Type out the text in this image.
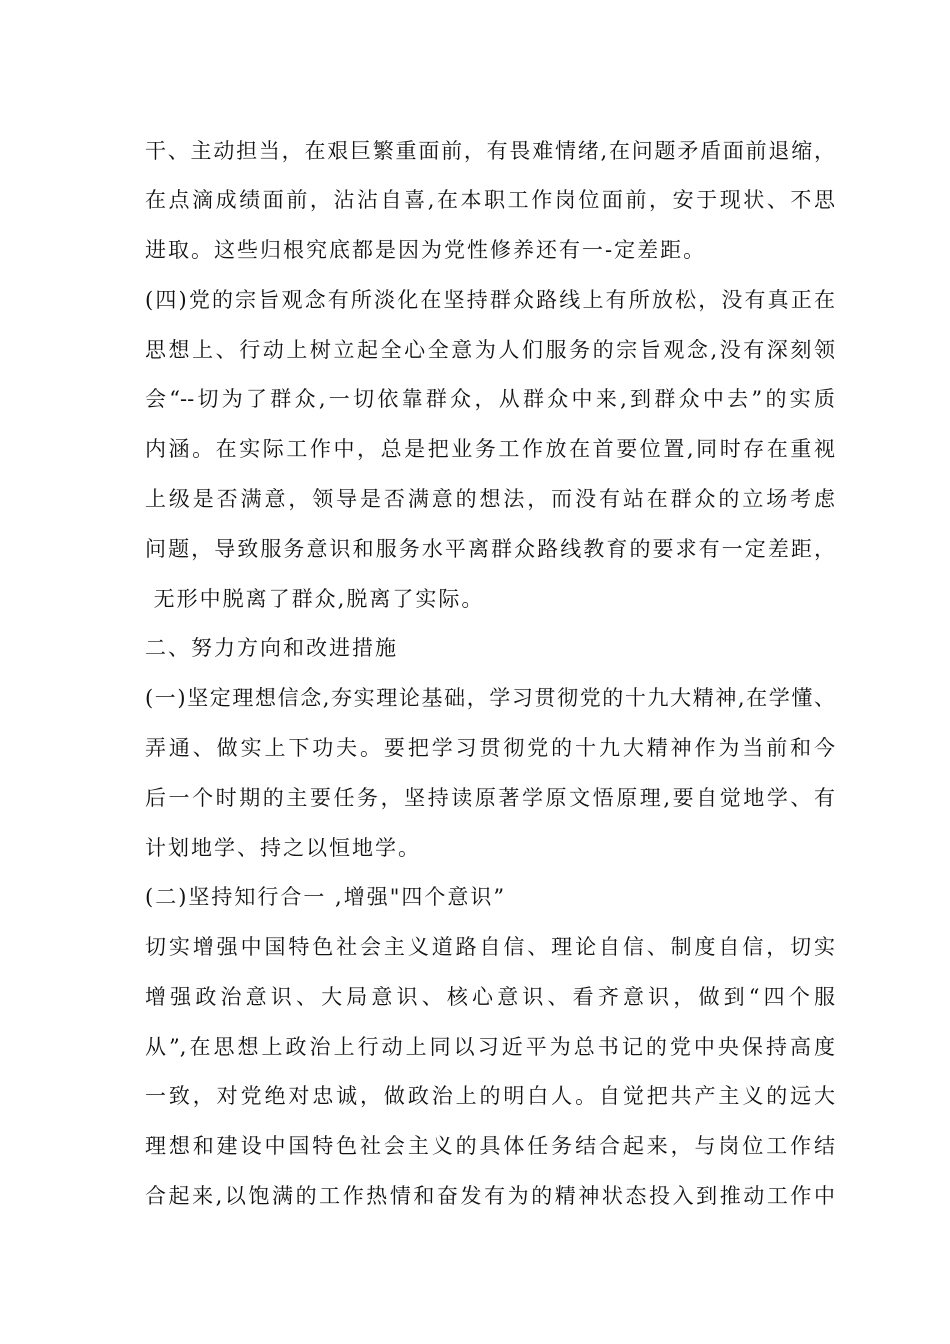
干、主动担当，在艰巨繁重面前，有畏难情绪,在问题矛盾面前退缩，
在点滴成绩面前，沾沾自喜,在本职工作岗位面前，安于现状、不思
进取。这些归根究底都是因为党性修养还有一-定差距。
(四)党的宗旨观念有所淡化在坚持群众路线上有所放松，没有真正在
思想上、行动上树立起全心全意为人们服务的宗旨观念,没有深刻领
会“--切为了群众,一切依靠群众，从群众中来,到群众中去”的实质
内涵。在实际工作中，总是把业务工作放在首要位置,同时存在重视
上级是否满意，领导是否满意的想法，而没有站在群众的立场考虑
问题，导致服务意识和服务水平离群众路线教育的要求有一定差距，
无形中脱离了群众,脱离了实际。
二、努力方向和改进措施
(一)坚定理想信念,夯实理论基础，学习贯彻党的十九大精神,在学懂、
弄通、做实上下功夫。要把学习贯彻党的十九大精神作为当前和今
后一个时期的主要任务，坚持读原著学原文悟原理,要自觉地学、有
计划地学、持之以恒地学。
(二)坚持知行合一 ,增强"四个意识”
切实增强中国特色社会主义道路自信、理论自信、制度自信，切实
增强政治意识、大局意识、核心意识、看齐意识，做到“四个服
从”,在思想上政治上行动上同以习近平为总书记的党中央保持高度
一致，对党绝对忠诚，做政治上的明白人。自觉把共产主义的远大
理想和建设中国特色社会主义的具体任务结合起来，与岗位工作结
合起来,以饱满的工作热情和奋发有为的精神状态投入到推动工作中
